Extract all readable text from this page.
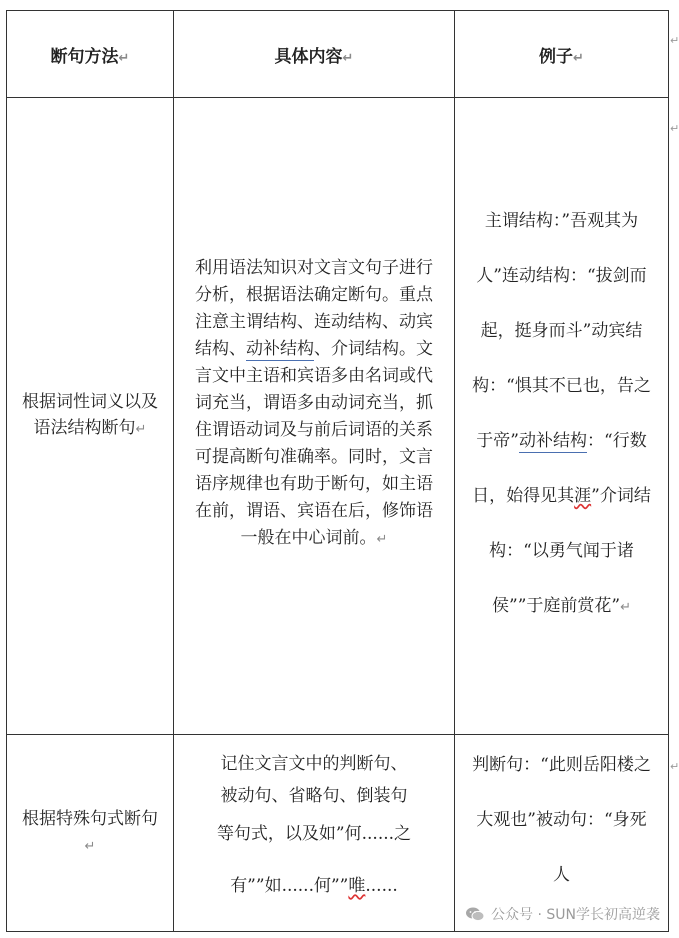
断句方法↵	具体内容↵	例子↵

根据词性词义以及语法结构断句↵	利用语法知识对文言文句子进行分析，根据语法确定断句。重点注意主谓结构、连动结构、动宾结构、动补结构、介词结构。文言文中主语和宾语多由名词或代词充当，谓语多由动词充当，抓住谓语动词及与前后词语的关系可提高断句准确率。同时，文言语序规律也有助于断句，如主语在前，谓语、宾语在后，修饰语一般在中心词前。↵	主谓结构：”吾观其为人”连动结构：“拔剑而起，挺身而斗”动宾结构：“惧其不已也，告之于帝”动补结构：“行数日，始得见其涯”介词结构：“以勇气闻于诸侯””于庭前赏花”↵

根据特殊句式断句↵	记住文言文中的判断句、
被动句、省略句、倒装句
等句式，以及如”何......之
有””如......何””唯......	判断句：“此则岳阳楼之大观也”被动句：“身死人
↵
↵
↵
公众号 · SUN学长初高逆袭
